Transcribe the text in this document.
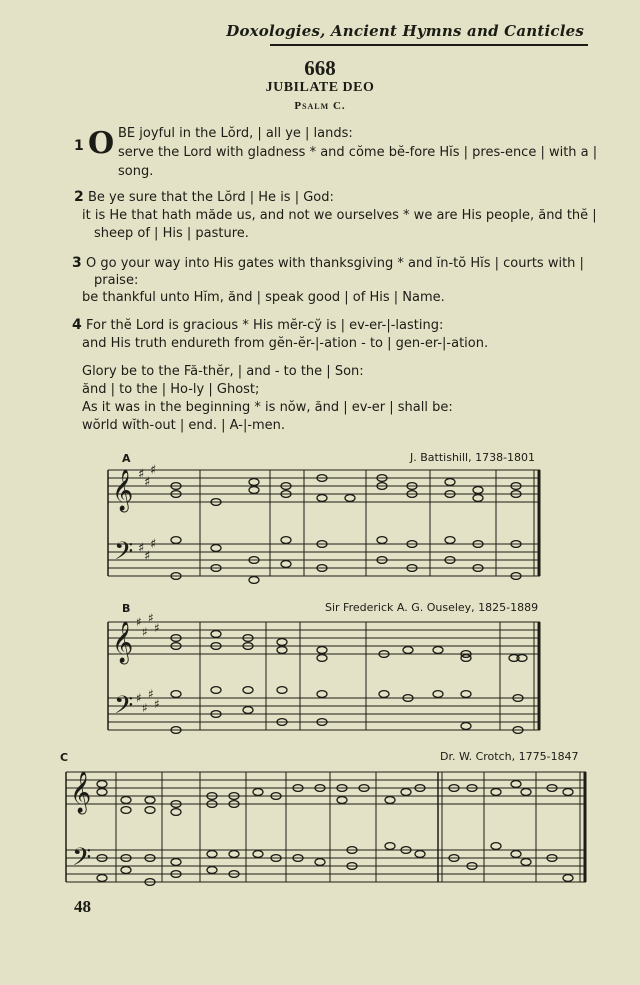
Doxologies, Ancient Hymns and Canticles
668
JUBILATE DEO
Psalm C.
1 O BE joyful in the Lŏrd, | all ye | lands:
serve the Lord with gladness * and cŏme bĕ-fore Hĭs | pres-ence | with a |
song.
2 Be ye sure that the Lŏrd | He is | God:
it is He that hath măde us, and not we ourselves * we are His people, ănd thĕ |
sheep of | His | pasture.
3 O go your way into His gates with thanksgiving * and ĭn-tŏ Hĭs | courts with |
praise:
be thankful unto Hĭm, ănd | speak good | of His | Name.
4 For thĕ Lord is gracious * His mĕr-cy̆ is | ev-er-|-lasting:
and His truth endureth from gĕn-ĕr-|-ation - to | gen-er-|-ation.
Glory be to the Fă-thĕr, | and - to the | Son:
ănd | to the | Ho-ly | Ghost;
As it was in the beginning * is nŏw, ănd | ev-er | shall be:
wŏrld wĭth-out | end. | A-|-men.
A	J. Battishill, 1738-1801
𝄞
𝄢
♯
♯
♯
♯
♯
♯
B	Sir Frederick A. G. Ouseley, 1825-1889
𝄞
𝄢
♯
♯
♯
♯
♯
♯
♯
♯
C	Dr. W. Crotch, 1775-1847
𝄞
𝄢
48
